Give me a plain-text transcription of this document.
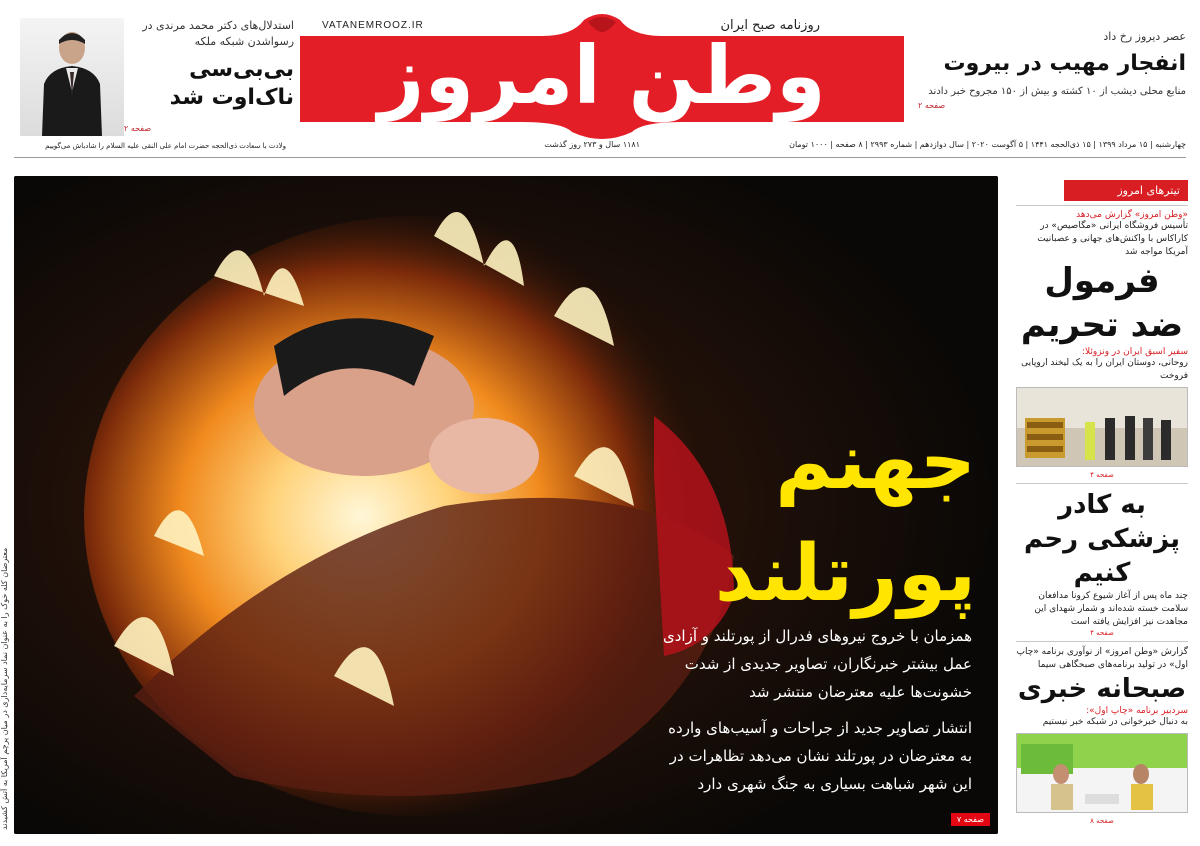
استدلال‌های دکتر محمد مرندی در رسوا‌شدن شبکه ملکه
بی‌بی‌سی ناک‌اوت شد
صفحه ۲
VATANEMROOZ.IR	روزنامه صبح ایران
وطن امروز	عصر دیروز رخ داد
انفجار مهیب در بیروت
منابع محلی دیشب از ۱۰ کشته و بیش از ۱۵۰ مجروح خبر دادند
صفحه ۲
چهارشنبه | ۱۵ مرداد ۱۳۹۹ | ۱۵ ذی‌الحجه ۱۴۴۱ | ۵ آگوست ۲۰۲۰ | سال دوازدهم | شماره ۲۹۹۳ | ۸ صفحه | ۱۰۰۰ تومان
۱۱۸۱ سال و ۲۷۳ روز گذشت
ولادت با سعادت ذی‌الحجه حضرت امام علی النقی علیه السلام را شادباش می‌گوییم
معترضان کله خوک را به عنوان نماد سرمایه‌داری در میان پرچم آمریکا به آتش کشیدند
جهنم پورتلند

همزمان با خروج نیروهای فدرال از پورتلند و آزادی عمل بیشتر خبرنگاران، تصاویر جدیدی از شدت خشونت‌ها علیه معترضان منتشر شد

انتشار تصاویر جدید از جراحات و آسیب‌های وارده به معترضان در پورتلند نشان می‌دهد تظاهرات در این شهر شباهت بسیاری به جنگ شهری دارد

صفحه ۷
تیترهای امروز
«وطن امروز» گزارش می‌دهد
تأسیس فروشگاه ایرانی «مگاصیص» در کاراکاس با واکنش‌های جهانی و عصبانیت آمریکا مواجه شد
فرمول ضد تحریم
سفیر اسبق ایران در ونزوئلا:
روحانی، دوستان ایران را به یک لیخند اروپایی فروخت
صفحه ۴
به کادر پزشکی رحم کنیم
چند ماه پس از آغاز شیوع کرونا مدافعان سلامت خسته شده‌اند و شمار شهدای این مجاهدت نیز افزایش یافته است
صفحه ۴
گزارش «وطن امروز» از نوآوری برنامه «چاپ اول» در تولید برنامه‌های صبحگاهی سیما
صبحانه خبری
سردبیر برنامه «چاپ اول»:
به دنبال خبرخوانی در شبکه خبر نیستیم
صفحه ۸
